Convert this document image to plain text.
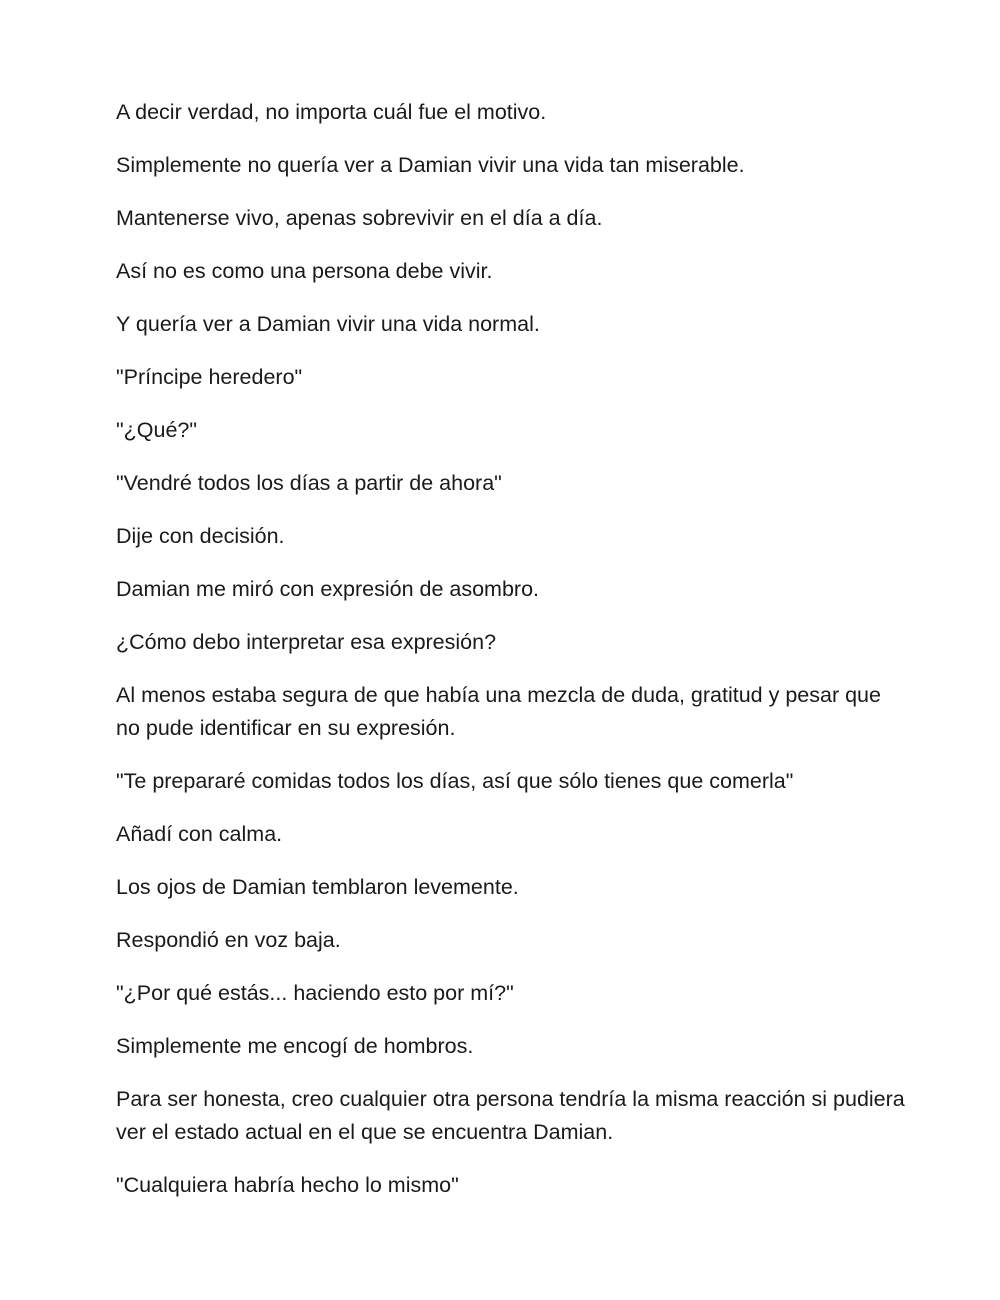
A decir verdad, no importa cuál fue el motivo.

Simplemente no quería ver a Damian vivir una vida tan miserable.

Mantenerse vivo, apenas sobrevivir en el día a día.

Así no es como una persona debe vivir.

Y quería ver a Damian vivir una vida normal.

"Príncipe heredero"

"¿Qué?"

"Vendré todos los días a partir de ahora"

Dije con decisión.

Damian me miró con expresión de asombro.

¿Cómo debo interpretar esa expresión?

Al menos estaba segura de que había una mezcla de duda, gratitud y pesar que no pude identificar en su expresión.

"Te prepararé comidas todos los días, así que sólo tienes que comerla"

Añadí con calma.

Los ojos de Damian temblaron levemente.

Respondió en voz baja.

"¿Por qué estás... haciendo esto por mí?"

Simplemente me encogí de hombros.

Para ser honesta, creo cualquier otra persona tendría la misma reacción si pudiera ver el estado actual en el que se encuentra Damian.

"Cualquiera habría hecho lo mismo"
